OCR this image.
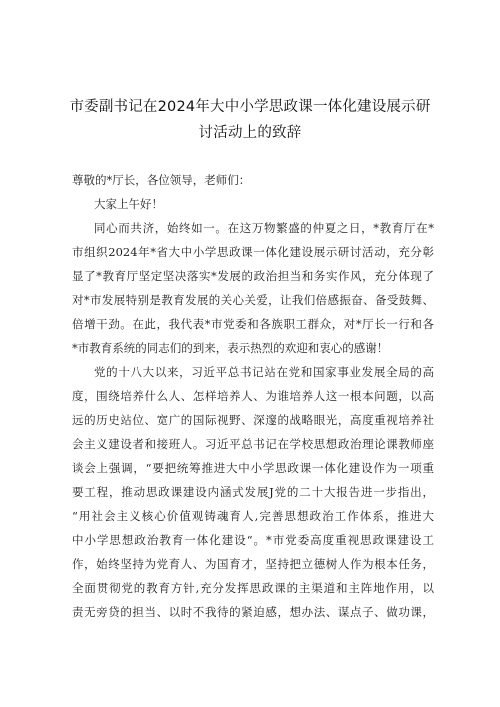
市委副书记在2024年大中小学思政课一体化建设展示研
讨活动上的致辞
尊敬的*厅长，各位领导，老师们：
大家上午好！
同心而共济，始终如一。在这万物繁盛的仲夏之日，*教育厅在*
市组织2024年*省大中小学思政课一体化建设展示研讨活动，充分彰
显了*教育厅坚定坚决落实*发展的政治担当和务实作风，充分体现了
对*市发展特别是教育发展的关心关爱，让我们倍感振奋、备受鼓舞、
倍增干劲。在此，我代表*市党委和各族职工群众，对*厅长一行和各
*市教育系统的同志们的到来，表示热烈的欢迎和衷心的感谢！
党的十八大以来，习近平总书记站在党和国家事业发展全局的高
度，围绕培养什么人、怎样培养人、为谁培养人这一根本问题，以高
远的历史站位、宽广的国际视野、深邃的战略眼光，高度重视培养社
会主义建设者和接班人。习近平总书记在学校思想政治理论课教师座
谈会上强调，“要把统筹推进大中小学思政课一体化建设作为一项重
要工程，推动思政课建设内涵式发展J党的二十大报告进一步指出，
“用社会主义核心价值观铸魂育人,完善思想政治工作体系，推进大
中小学思想政治教育一体化建设“。*市党委高度重视思政课建设工
作，始终坚持为党育人、为国育才，坚持把立德树人作为根本任务，
全面贯彻党的教育方针,充分发挥思政课的主渠道和主阵地作用，以
责无旁贷的担当、以时不我待的紧迫感，想办法、谋点子、做功课，
